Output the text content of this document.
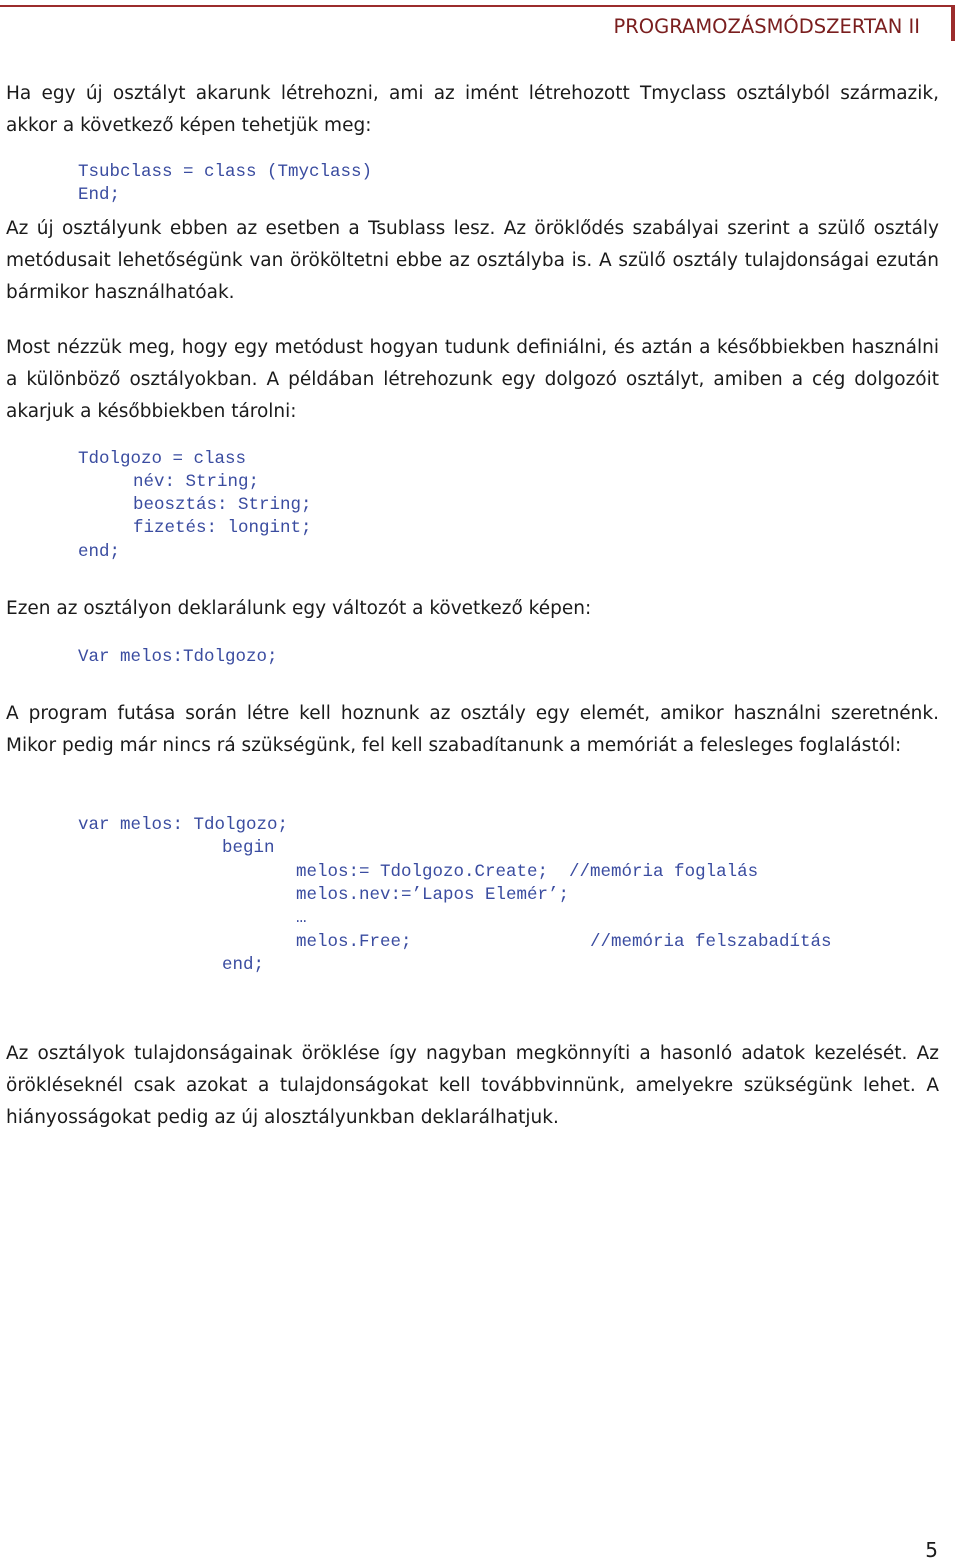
PROGRAMOZÁSMÓDSZERTAN II
Ha egy új osztályt akarunk létrehozni, ami az imént létrehozott Tmyclass osztályból származik, akkor a következő képen tehetjük meg:
Tsubclass = class (Tmyclass)
End;
Az új osztályunk ebben az esetben a Tsublass lesz. Az öröklődés szabályai szerint a szülő osztály metódusait lehetőségünk van örököltetni ebbe az osztályba is. A szülő osztály tulajdonságai ezután bármikor használhatóak.
Most nézzük meg, hogy egy metódust hogyan tudunk definiálni, és aztán a későbbiekben használni a különböző osztályokban. A példában létrehozunk egy dolgozó osztályt, amiben a cég dolgozóit akarjuk a későbbiekben tárolni:
Tdolgozo = class
név: String;
beosztás: String;
fizetés: longint;
end;
Ezen az osztályon deklarálunk egy változót a következő képen:
Var melos:Tdolgozo;
A program futása során létre kell hoznunk az osztály egy elemét, amikor használni szeretnénk. Mikor pedig már nincs rá szükségünk, fel kell szabadítanunk a memóriát a felesleges foglalástól:
var melos: Tdolgozo;
begin
melos:= Tdolgozo.Create;  //memória foglalás
melos.nev:=’Lapos Elemér’;
…
melos.Free;	//memória felszabadítás
end;
Az osztályok tulajdonságainak öröklése így nagyban megkönnyíti a hasonló adatok kezelését. Az örökléseknél csak azokat a tulajdonságokat kell továbbvinnünk, amelyekre szükségünk lehet. A hiányosságokat pedig az új alosztályunkban deklarálhatjuk.
5
